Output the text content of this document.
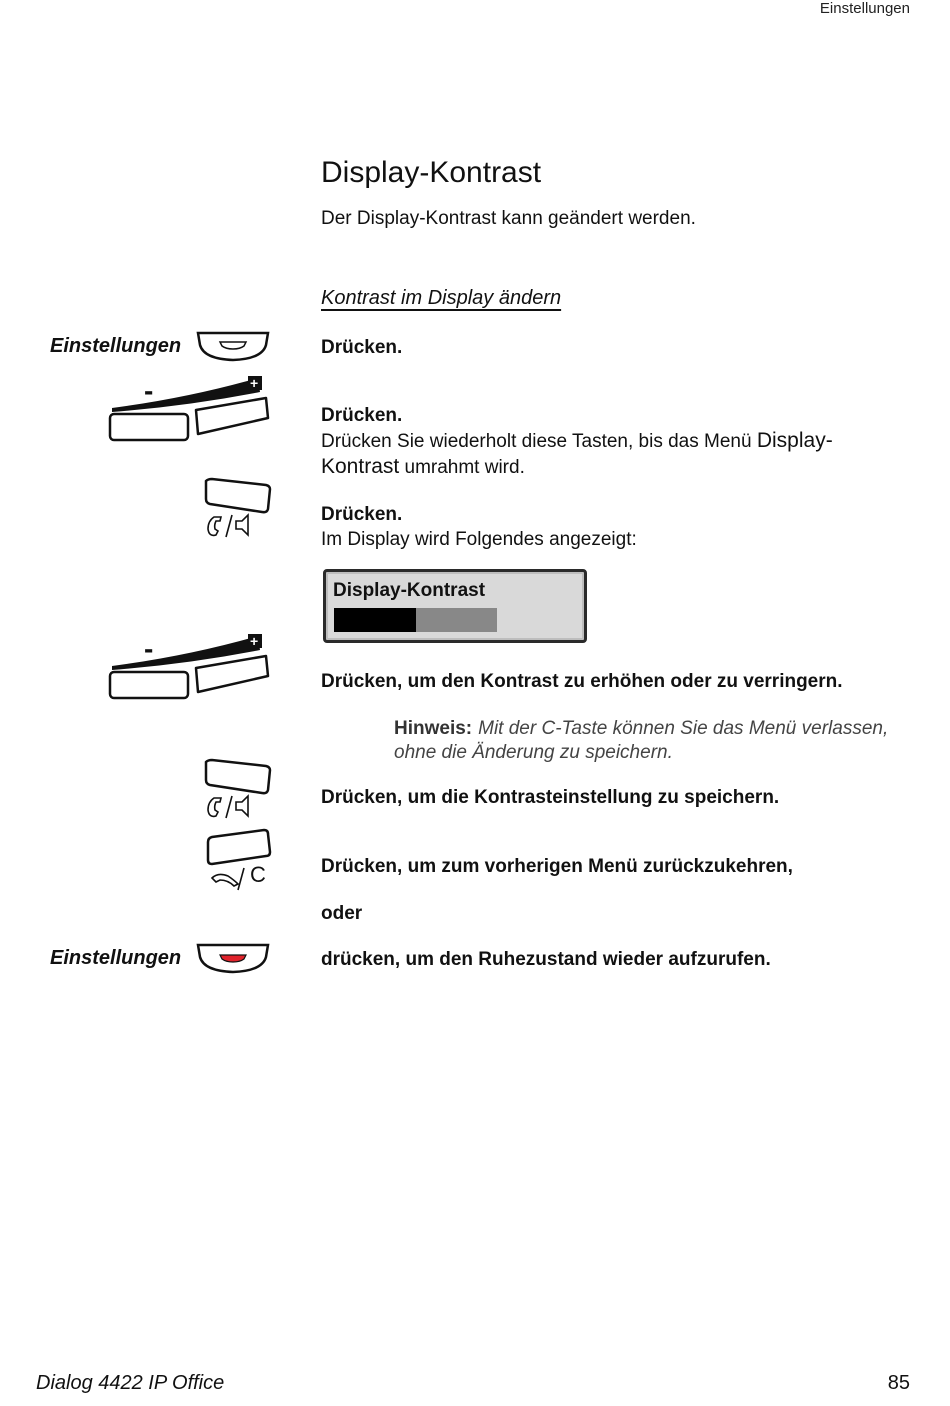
Einstellungen
Display-Kontrast
Der Display-Kontrast kann geändert werden.
Kontrast im Display ändern
Einstellungen	Drücken.
-	+
Drücken.
Drücken Sie wiederholt diese Tasten, bis das Menü Display-
Kontrast umrahmt wird.
Drücken.
Im Display wird Folgendes angezeigt:
Display-Kontrast
-	+
Drücken, um den Kontrast zu erhöhen oder zu verringern.
Hinweis: Mit der C-Taste können Sie das Menü verlassen,
ohne die Änderung zu speichern.
Drücken, um die Kontrasteinstellung zu speichern.
C	Drücken, um zum vorherigen Menü zurückzukehren,
oder
Einstellungen	drücken, um den Ruhezustand wieder aufzurufen.
Dialog 4422 IP Office	85
